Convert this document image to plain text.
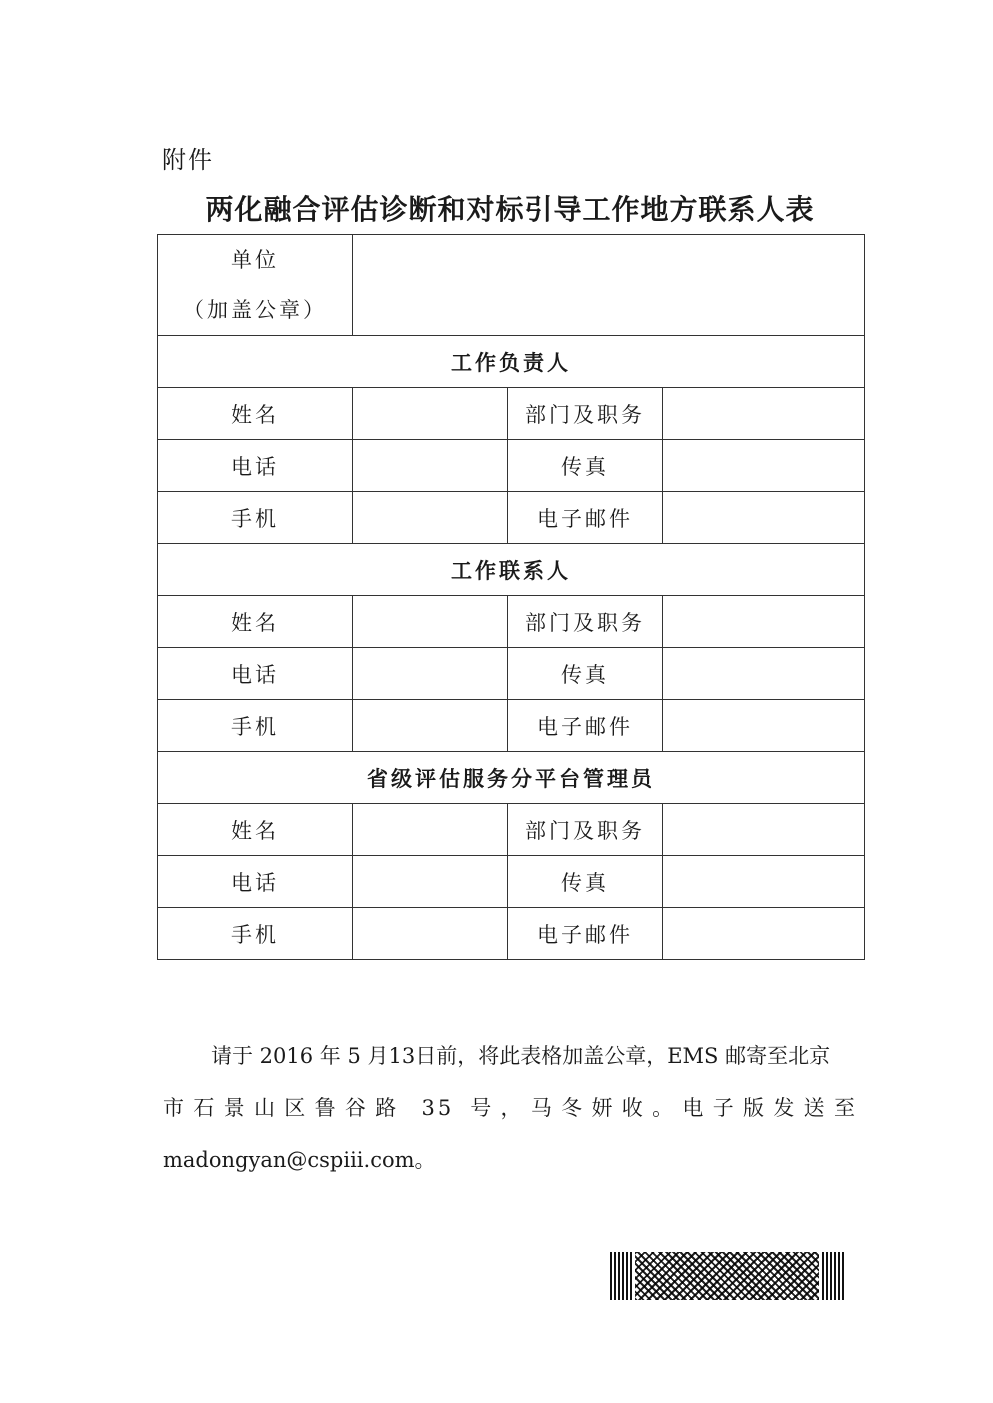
附件
两化融合评估诊断和对标引导工作地方联系人表
单位
（加盖公章）			

工作负责人			
姓名		部门及职务	
电话		传真	
手机		电子邮件	
工作联系人			
姓名		部门及职务	
电话		传真	
手机		电子邮件	
省级评估服务分平台管理员			
姓名		部门及职务	
电话		传真	
手机		电子邮件	

请于 2016 年 5 月13日前，将此表格加盖公章，EMS 邮寄至北京

市石景山区鲁谷路 35 号，马冬妍收。电子版发送至

madongyan@cspiii.com。
